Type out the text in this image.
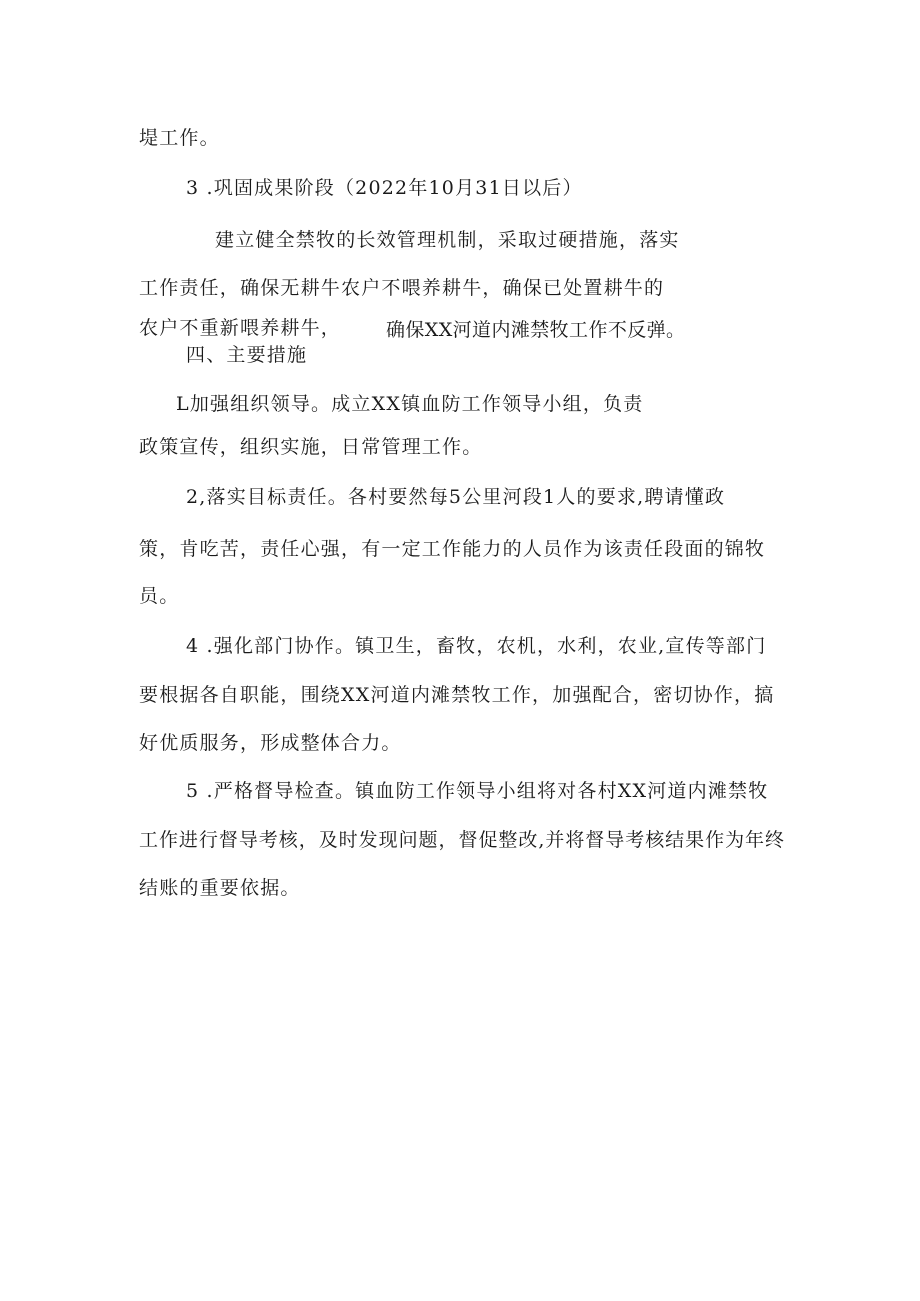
堤工作。
3 .巩固成果阶段（2022年10月31日以后）
建立健全禁牧的长效管理机制，采取过硬措施，落实
工作责任，确保无耕牛农户不喂养耕牛，确保已处置耕牛的
农户不重新喂养耕牛， 确保XX河道内滩禁牧工作不反弹。
四、主要措施
L加强组织领导。成立XX镇血防工作领导小组，负责
政策宣传，组织实施，日常管理工作。
2,落实目标责任。各村要然每5公里河段1人的要求,聘请懂政
策，肯吃苦，责任心强，有一定工作能力的人员作为该责任段面的锦牧
员。
4 .强化部门协作。镇卫生，畜牧，农机，水利，农业,宣传等部门
要根据各自职能，围绕XX河道内滩禁牧工作，加强配合，密切协作，搞
好优质服务，形成整体合力。
5 .严格督导检查。镇血防工作领导小组将对各村XX河道内滩禁牧
工作进行督导考核，及时发现问题，督促整改,并将督导考核结果作为年终
结账的重要依据。
